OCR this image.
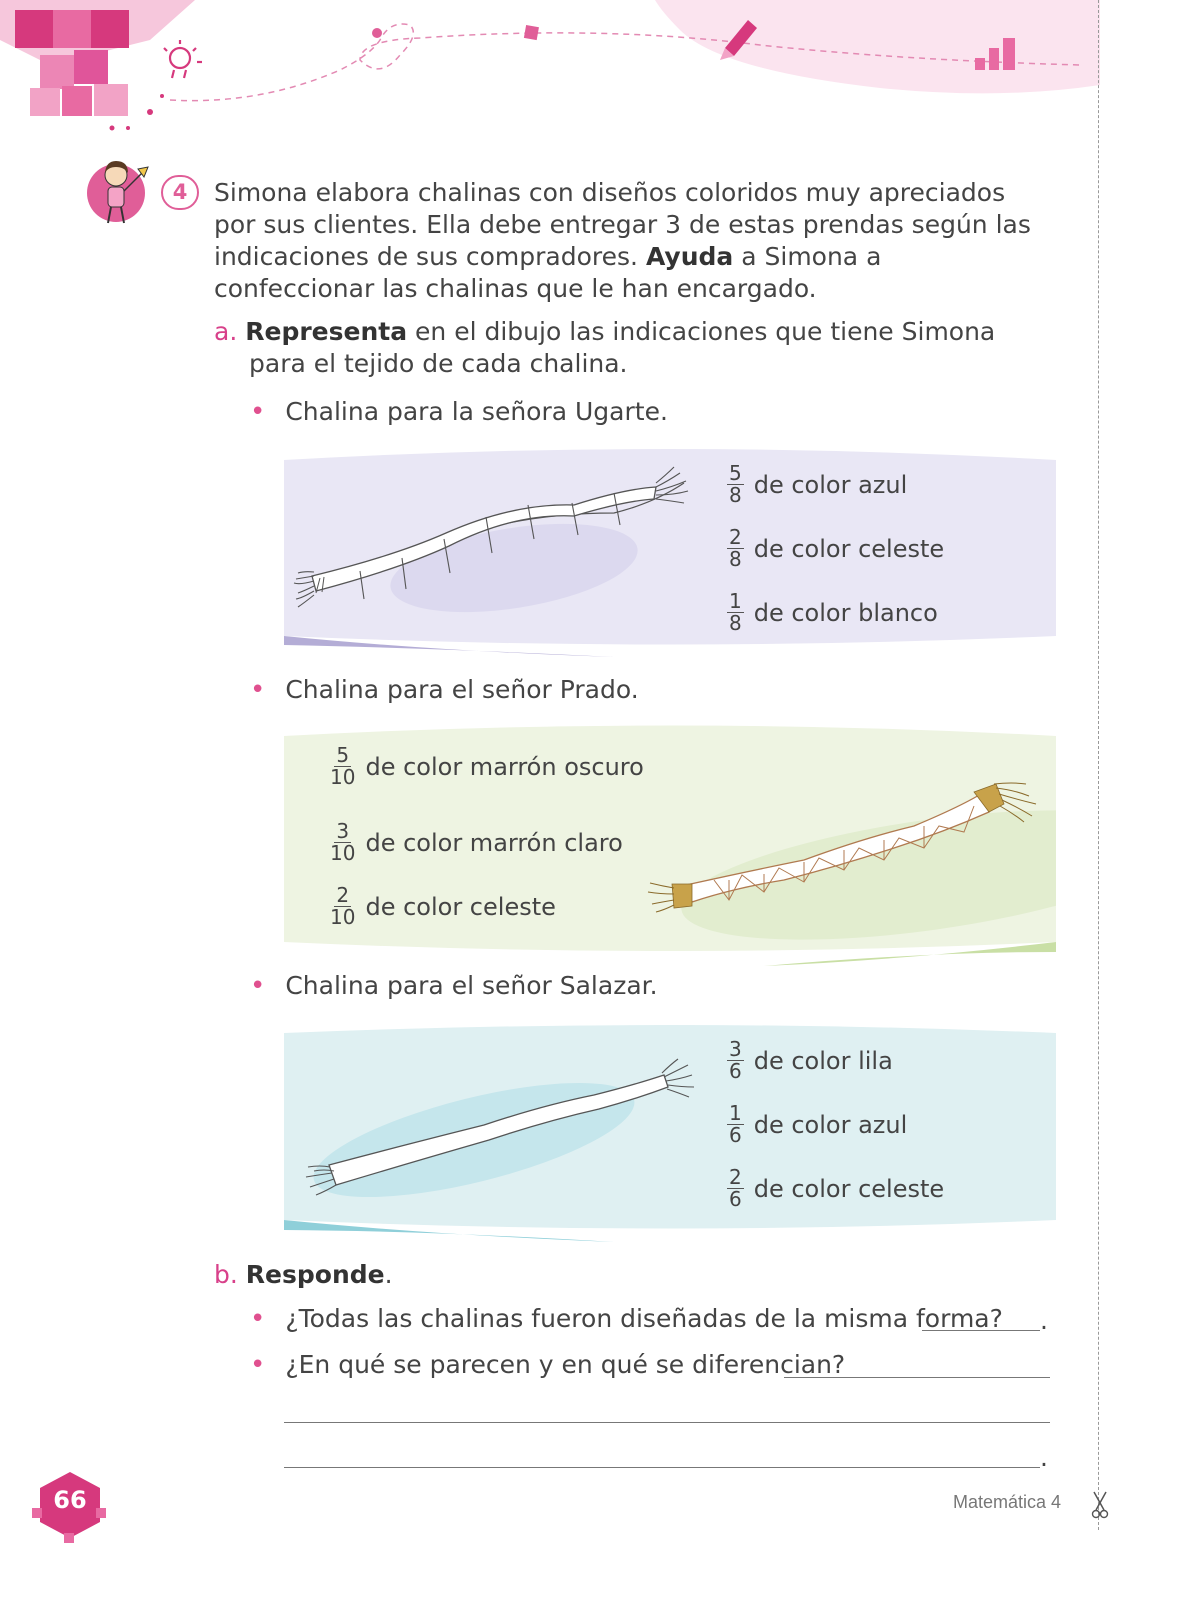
4	Simona elabora chalinas con diseños coloridos muy apreciados por sus clientes. Ella debe entregar 3 de estas prendas según las indicaciones de sus compradores. Ayuda a Simona a confeccionar las chalinas que le han encargado.
a. Representa en el dibujo las indicaciones que tiene Simona para el tejido de cada chalina.
• Chalina para la señora Ugarte.
$\frac{5}{8}$ de color azul
$\frac{2}{8}$ de color celeste
$\frac{1}{8}$ de color blanco
• Chalina para el señor Prado.
$\frac{5}{10}$ de color marrón oscuro
$\frac{3}{10}$ de color marrón claro
$\frac{2}{10}$ de color celeste
• Chalina para el señor Salazar.
$\frac{3}{6}$ de color lila
$\frac{1}{6}$ de color azul
$\frac{2}{6}$ de color celeste
b. Responde.
• ¿Todas las chalinas fueron diseñadas de la misma forma? .
• ¿En qué se parecen y en qué se diferencian?
.
66	Matemática 4
